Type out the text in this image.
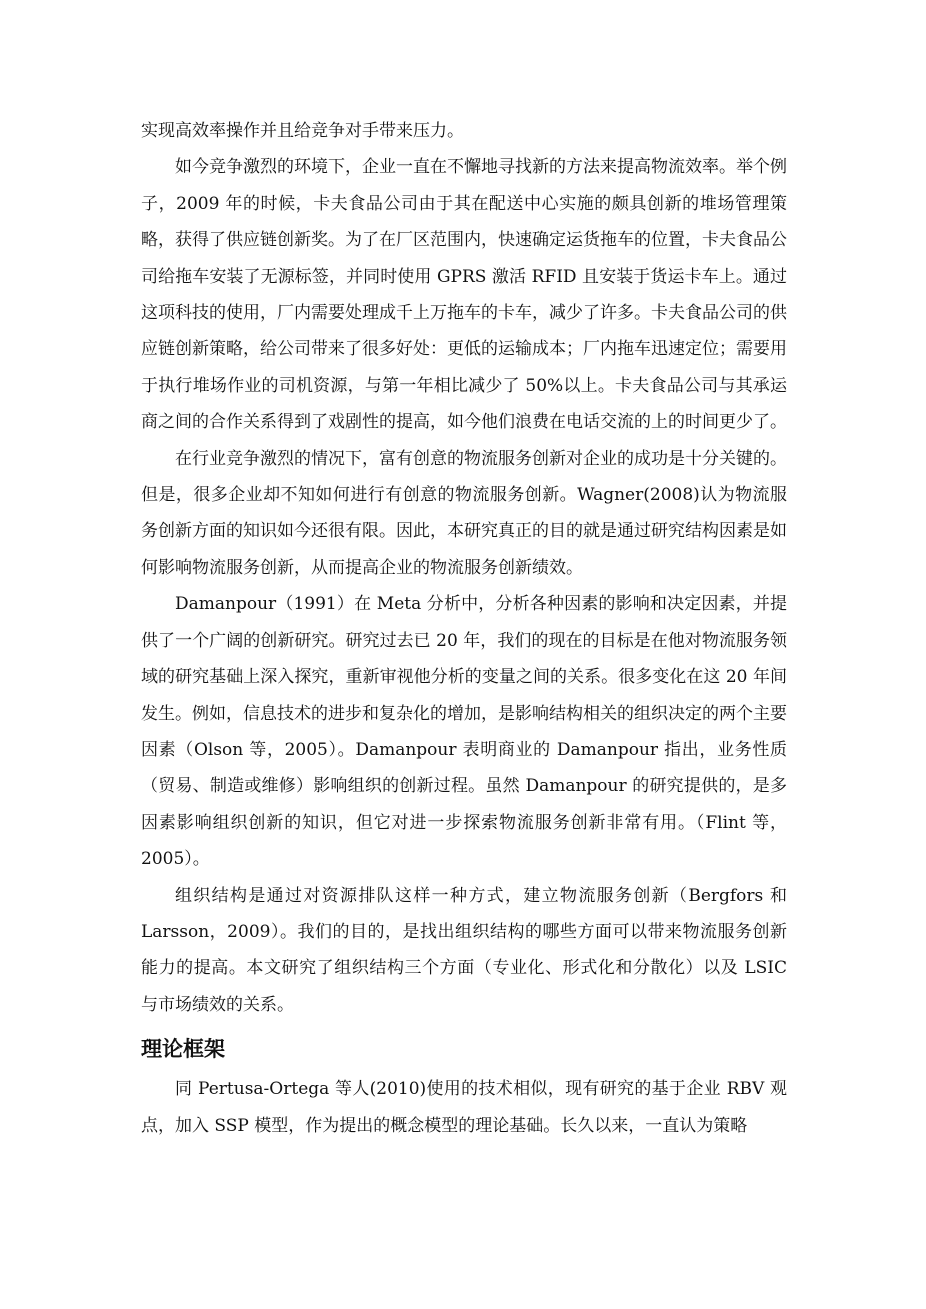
实现高效率操作并且给竞争对手带来压力。

如今竞争激烈的环境下，企业一直在不懈地寻找新的方法来提高物流效率。举个例子，2009 年的时候，卡夫食品公司由于其在配送中心实施的颇具创新的堆场管理策略，获得了供应链创新奖。为了在厂区范围内，快速确定运货拖车的位置，卡夫食品公司给拖车安装了无源标签，并同时使用 GPRS 激活 RFID 且安装于货运卡车上。通过这项科技的使用，厂内需要处理成千上万拖车的卡车，减少了许多。卡夫食品公司的供应链创新策略，给公司带来了很多好处：更低的运输成本；厂内拖车迅速定位；需要用于执行堆场作业的司机资源，与第一年相比减少了 50%以上。卡夫食品公司与其承运商之间的合作关系得到了戏剧性的提高，如今他们浪费在电话交流的上的时间更少了。

在行业竞争激烈的情况下，富有创意的物流服务创新对企业的成功是十分关键的。但是，很多企业却不知如何进行有创意的物流服务创新。Wagner(2008)认为物流服务创新方面的知识如今还很有限。因此，本研究真正的目的就是通过研究结构因素是如何影响物流服务创新，从而提高企业的物流服务创新绩效。

Damanpour（1991）在 Meta 分析中，分析各种因素的影响和决定因素，并提供了一个广阔的创新研究。研究过去已 20 年，我们的现在的目标是在他对物流服务领域的研究基础上深入探究，重新审视他分析的变量之间的关系。很多变化在这 20 年间发生。例如，信息技术的进步和复杂化的增加，是影响结构相关的组织决定的两个主要因素（Olson 等，2005）。Damanpour 表明商业的 Damanpour 指出，业务性质（贸易、制造或维修）影响组织的创新过程。虽然 Damanpour 的研究提供的，是多因素影响组织创新的知识，但它对进一步探索物流服务创新非常有用。（Flint 等，2005）。

组织结构是通过对资源排队这样一种方式，建立物流服务创新（Bergfors 和 Larsson，2009）。我们的目的，是找出组织结构的哪些方面可以带来物流服务创新能力的提高。本文研究了组织结构三个方面（专业化、形式化和分散化）以及 LSIC 与市场绩效的关系。

理论框架

同 Pertusa-Ortega 等人(2010)使用的技术相似，现有研究的基于企业 RBV 观点，加入 SSP 模型，作为提出的概念模型的理论基础。长久以来，一直认为策略
